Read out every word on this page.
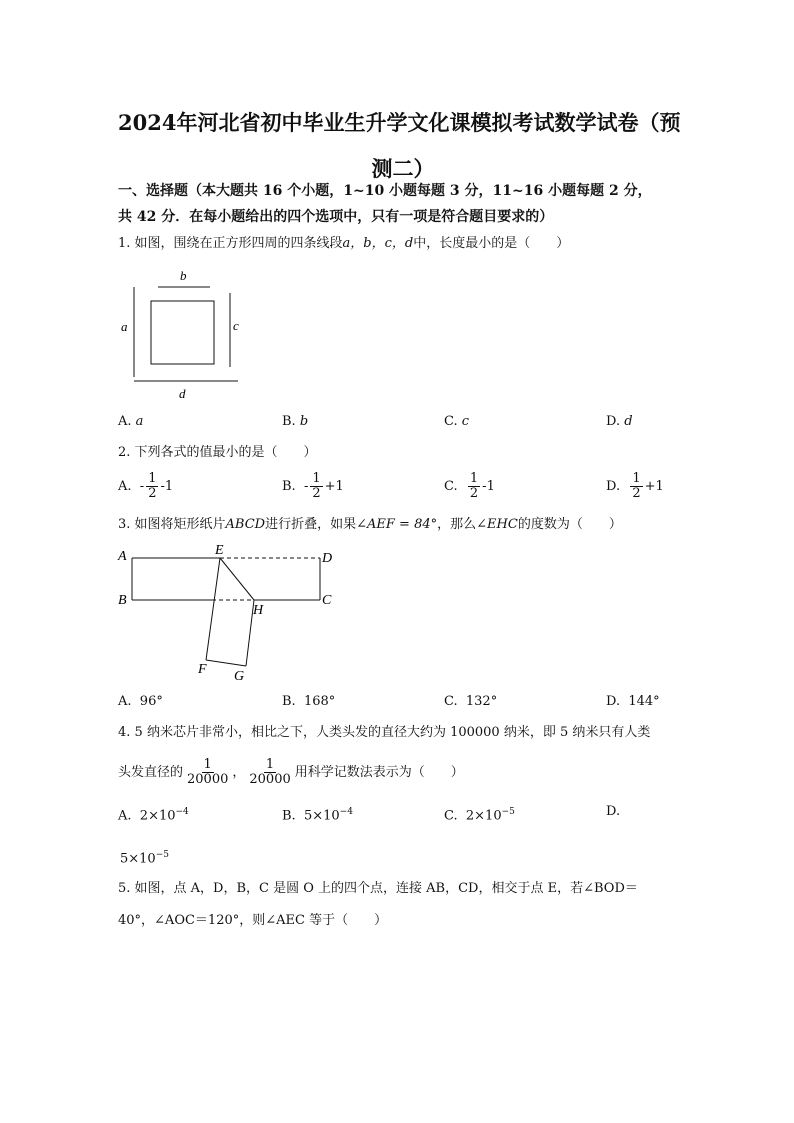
2024年河北省初中毕业生升学文化课模拟考试数学试卷（预
测二）
一、选择题（本大题共 16 个小题，1~10 小题每题 3 分，11~16 小题每题 2 分，
共 42 分．在每小题给出的四个选项中，只有一项是符合题目要求的）
1. 如图，围绕在正方形四周的四条线段a，b，c，d中，长度最小的是（　　）
b
a	c
d
A. a	B. b	C. c	D. d
2. 下列各式的值最小的是（　　）
A. - $\frac{1}{2} -1$	B. - $\frac{1}{2} +1$	C. $\frac{1}{2} -1$	D. $\frac{1}{2} +1$
3. 如图将矩形纸片ABCD进行折叠，如果∠AEF = 84°，那么∠EHC的度数为（　　）
A	E
D
B
H
C
F G
A. 96°	B. 168°	C. 132°	D. 144°
4. 5 纳米芯片非常小，相比之下，人类头发的直径大约为 100000 纳米，即 5 纳米只有人类
头发直径的 $\frac{1}{20000}$ ， $\frac{1}{20000}$ 用科学记数法表示为（　　）
A. $2\times 10^{-4}$	B. $5\times 10^{-4}$	C. $2\times 10^{-5}$	D.
$5\times 10^{-5}$
5. 如图，点 A，D，B，C 是圆 O 上的四个点，连接 AB，CD，相交于点 E，若∠BOD＝
40°，∠AOC＝120°，则∠AEC 等于（　　）
